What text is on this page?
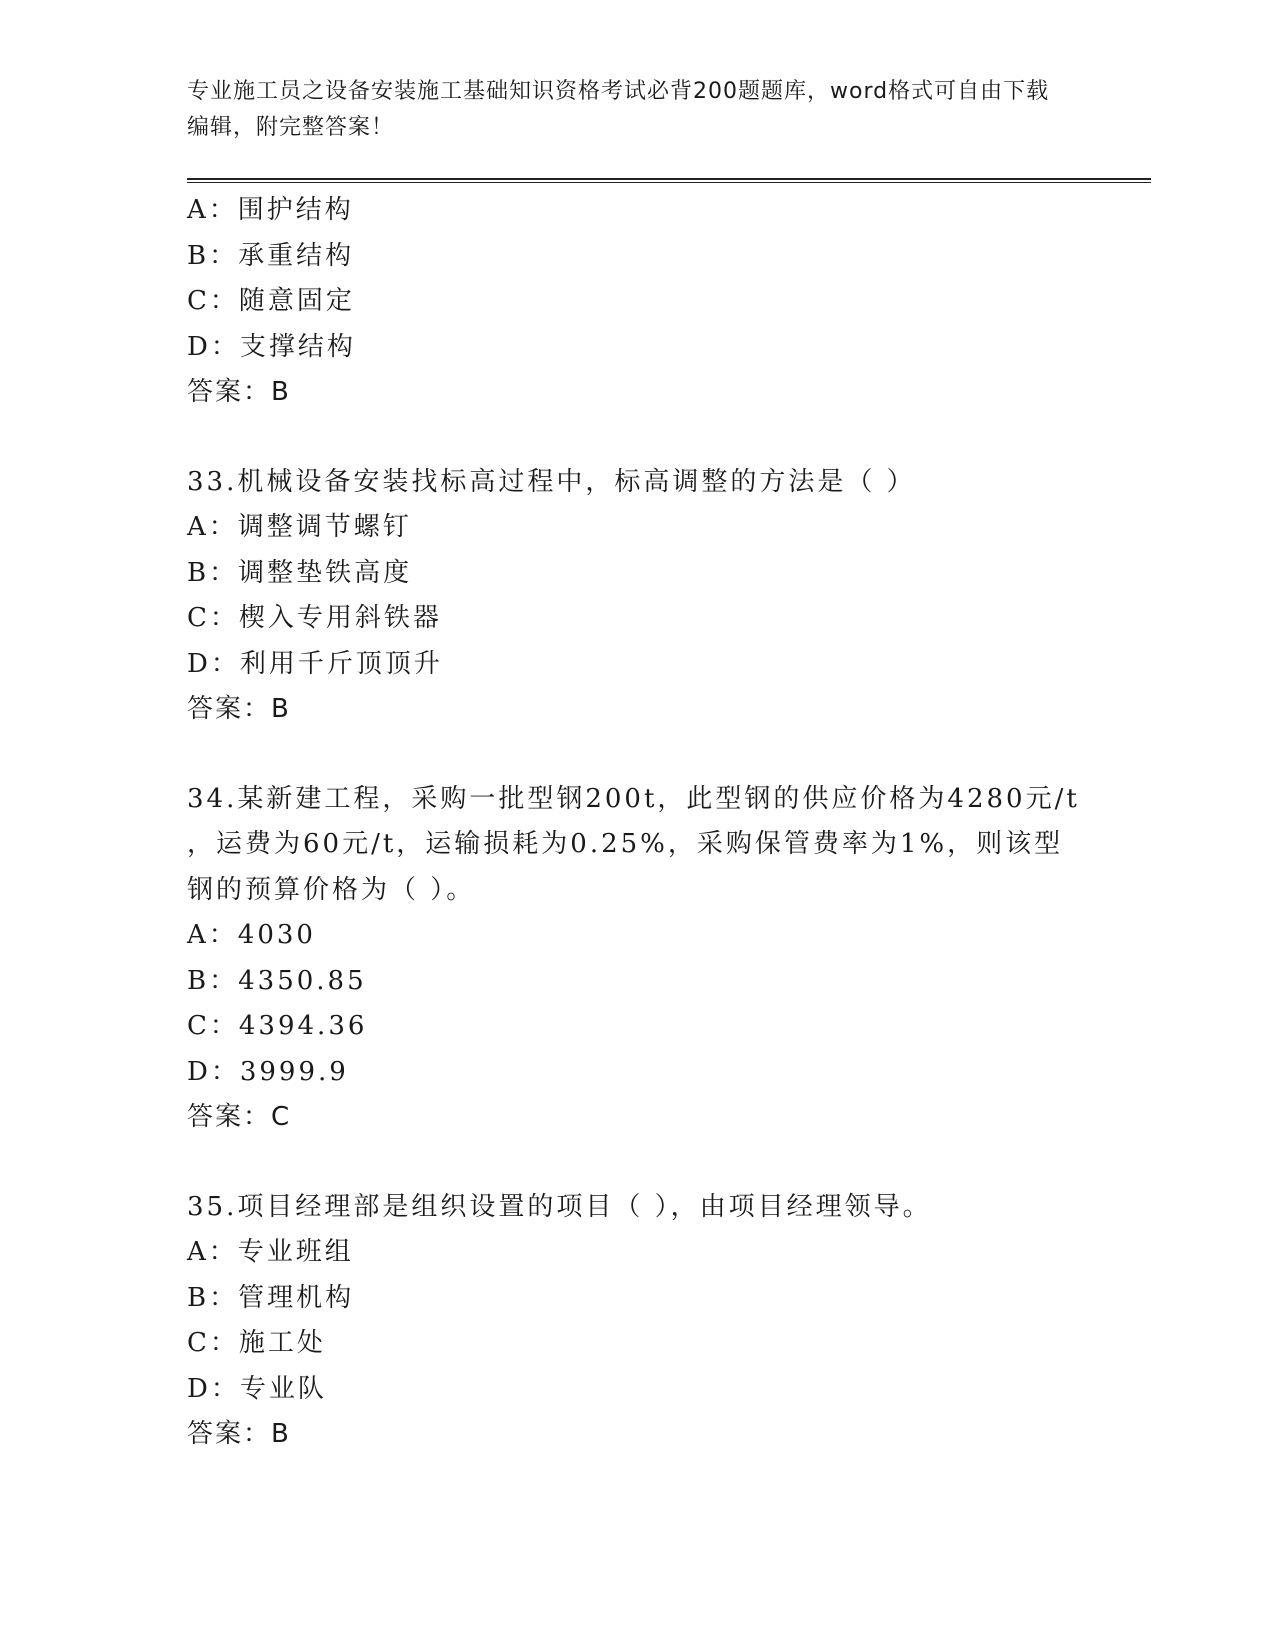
专业施工员之设备安装施工基础知识资格考试必背200题题库，word格式可自由下载编辑，附完整答案！
A：围护结构
B：承重结构
C：随意固定
D：支撑结构
答案：B
33.机械设备安装找标高过程中，标高调整的方法是（ ）
A：调整调节螺钉
B：调整垫铁高度
C：楔入专用斜铁器
D：利用千斤顶顶升
答案：B
34.某新建工程，采购一批型钢200t，此型钢的供应价格为4280元/t
，运费为60元/t，运输损耗为0.25%，采购保管费率为1%，则该型
钢的预算价格为（ ）。
A：4030
B：4350.85
C：4394.36
D：3999.9
答案：C
35.项目经理部是组织设置的项目（ ），由项目经理领导。
A：专业班组
B：管理机构
C：施工处
D：专业队
答案：B
